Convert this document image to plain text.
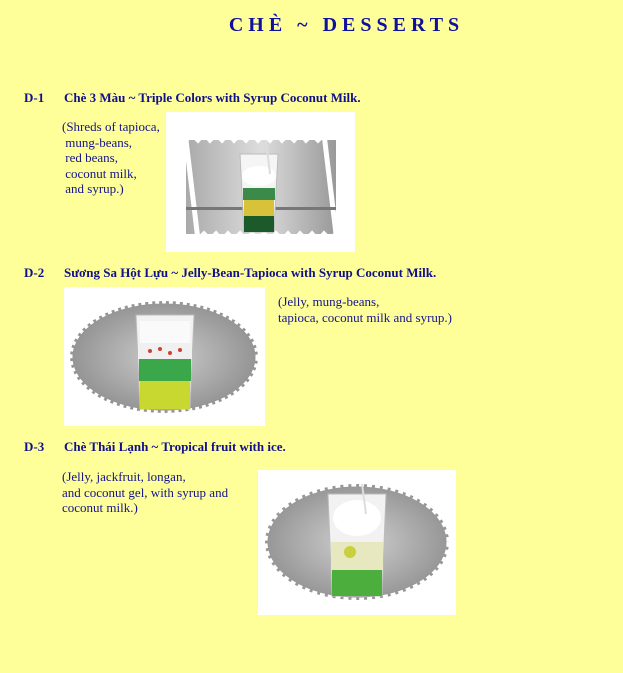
CHÈ ~ DESSERTS
D-1 Chè 3 Màu ~ Triple Colors with Syrup Coconut Milk.
(Shreds of tapioca,
mung-beans,
red beans,
coconut milk,
and syrup.)
D-2 Sương Sa Hột Lựu ~ Jelly-Bean-Tapioca with Syrup Coconut Milk.
(Jelly, mung-beans,
tapioca, coconut milk and syrup.)
D-3 Chè Thái Lạnh ~ Tropical fruit with ice.
(Jelly, jackfruit, longan,
and coconut gel, with syrup and
coconut milk.)
